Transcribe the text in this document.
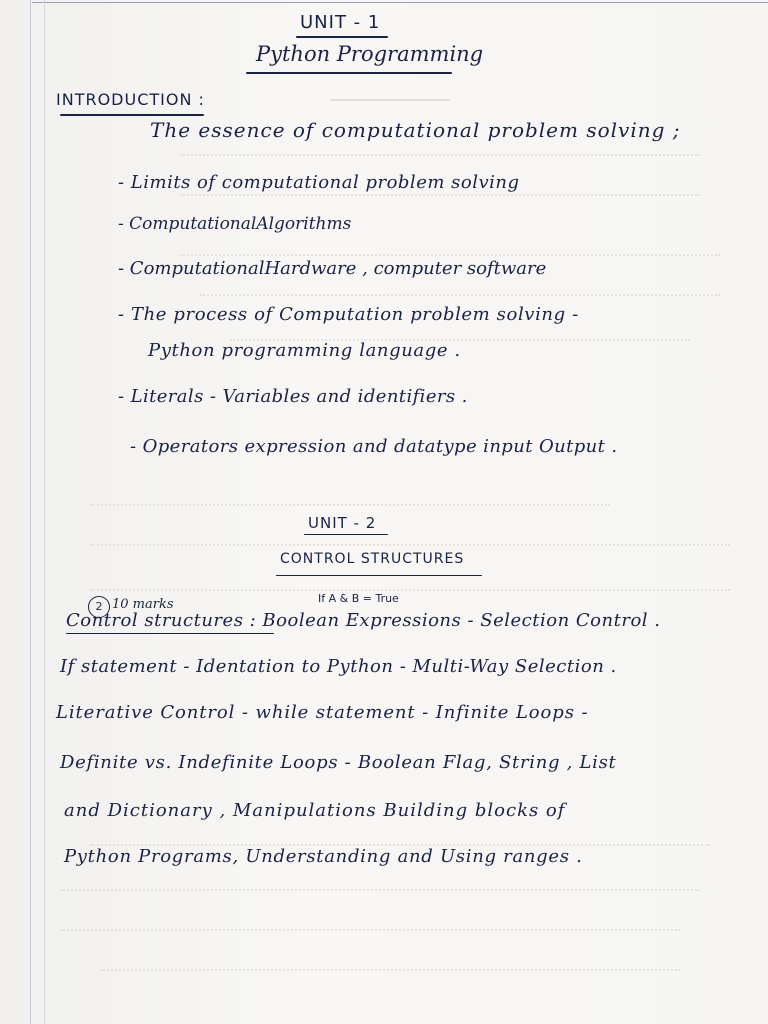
UNIT - 1
Python Programming
INTRODUCTION :
The essence of computational problem solving ;
- Limits of computational problem solving
- ComputationalAlgorithms
- ComputationalHardware , computer software
- The process of Computation problem solving -
Python programming language .
- Literals - Variables and identifiers .
- Operators expression and datatype input Output .
UNIT - 2
CONTROL STRUCTURES
2 10 marks	If A & B = True
Control structures : Boolean Expressions - Selection Control .
If statement - Identation to Python - Multi-Way Selection .
Literative Control - while statement - Infinite Loops -
Definite vs. Indefinite Loops - Boolean Flag, String , List
and Dictionary , Manipulations Building blocks of
Python Programs, Understanding and Using ranges .
